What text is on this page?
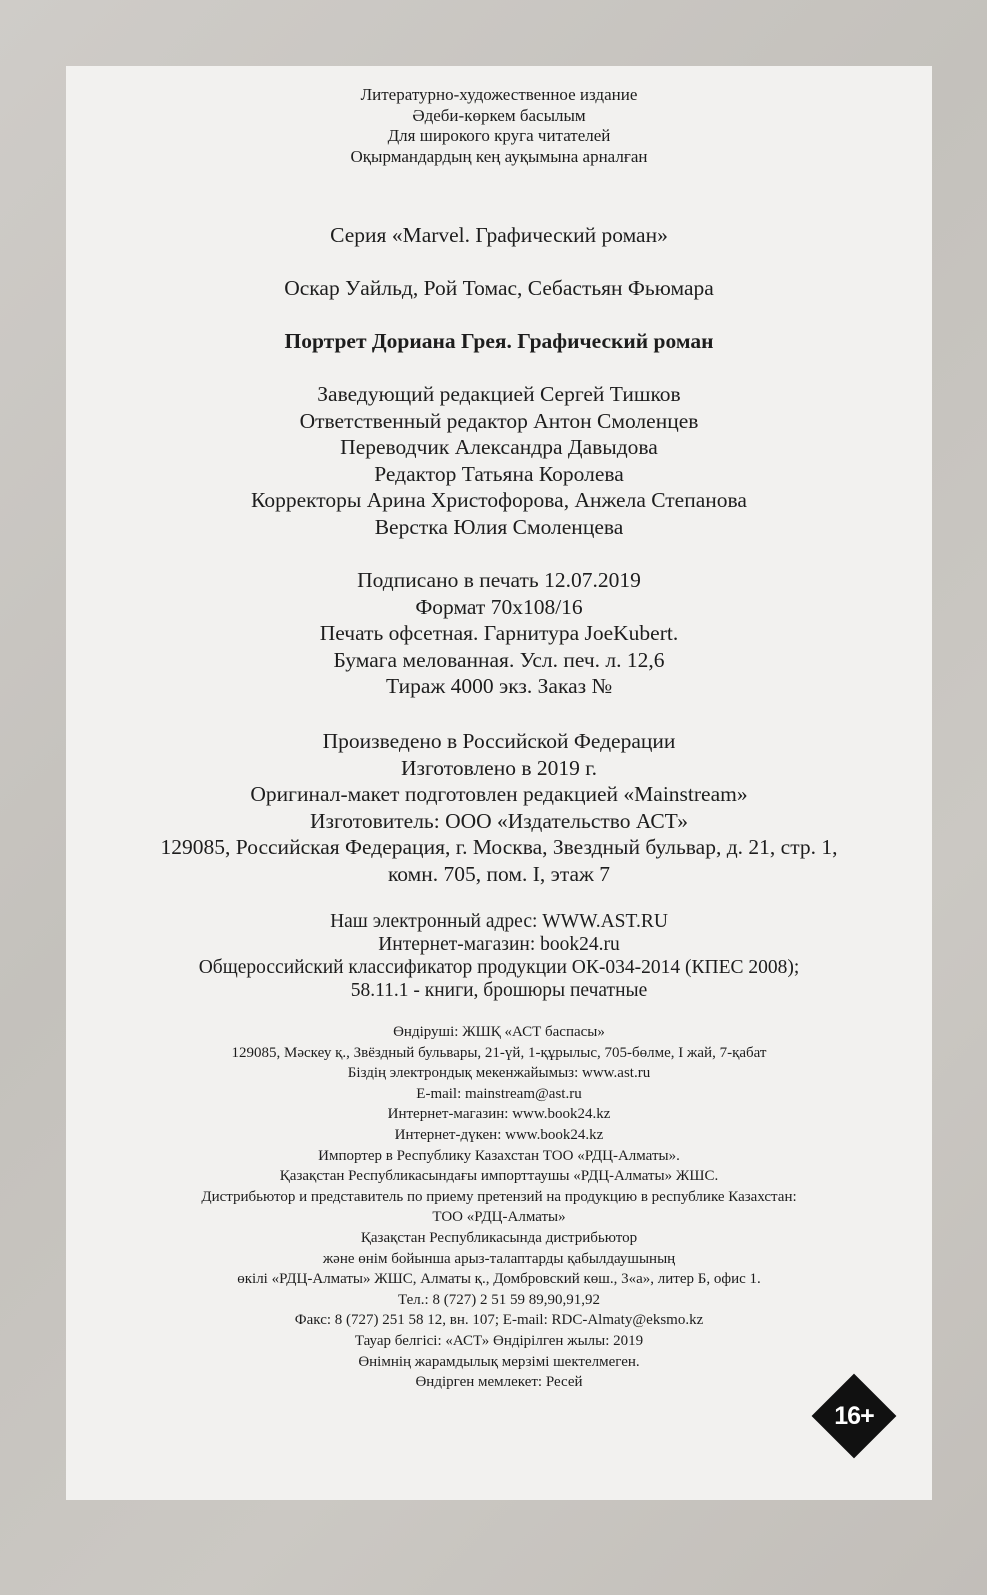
Литературно-художественное издание
Әдеби-көркем басылым
Для широкого круга читателей
Оқырмандардың кең ауқымына арналған
Серия «Marvel. Графический роман»
Оскар Уайльд, Рой Томас, Себастьян Фьюмара
Портрет Дориана Грея. Графический роман
Заведующий редакцией Сергей Тишков
Ответственный редактор Антон Смоленцев
Переводчик Александра Давыдова
Редактор Татьяна Королева
Корректоры Арина Христофорова, Анжела Степанова
Верстка Юлия Смоленцева
Подписано в печать 12.07.2019
Формат 70х108/16
Печать офсетная. Гарнитура JoeKubert.
Бумага мелованная. Усл. печ. л. 12,6
Тираж 4000 экз. Заказ №
Произведено в Российской Федерации
Изготовлено в 2019 г.
Оригинал-макет подготовлен редакцией «Mainstream»
Изготовитель: ООО «Издательство АСТ»
129085, Российская Федерация, г. Москва, Звездный бульвар, д. 21, стр. 1,
комн. 705, пом. I, этаж 7
Наш электронный адрес: WWW.AST.RU
Интернет-магазин: book24.ru
Общероссийский классификатор продукции ОК-034-2014 (КПЕС 2008);
58.11.1 - книги, брошюры печатные
Өндіруші: ЖШҚ «АСТ баспасы»
129085, Мәскеу қ., Звёздный бульвары, 21-үй, 1-құрылыс, 705-бөлме, I жай, 7-қабат
Біздің электрондық мекенжайымыз: www.ast.ru
E-mail: mainstream@ast.ru
Интернет-магазин: www.book24.kz
Интернет-дүкен: www.book24.kz
Импортер в Республику Казахстан ТОО «РДЦ-Алматы».
Қазақстан Республикасындағы импорттаушы «РДЦ-Алматы» ЖШС.
Дистрибьютор и представитель по приему претензий на продукцию в республике Казахстан:
ТОО «РДЦ-Алматы»
Қазақстан Республикасында дистрибьютор
және өнім бойынша арыз-талаптарды қабылдаушының
өкілі «РДЦ-Алматы» ЖШС, Алматы қ., Домбровский көш., 3«а», литер Б, офис 1.
Тел.: 8 (727) 2 51 59 89,90,91,92
Факс: 8 (727) 251 58 12, вн. 107; E-mail: RDC-Almaty@eksmo.kz
Тауар белгісі: «АСТ» Өндірілген жылы: 2019
Өнімнің жарамдылық мерзімі шектелмеген.
Өндірген мемлекет: Ресей
16+
